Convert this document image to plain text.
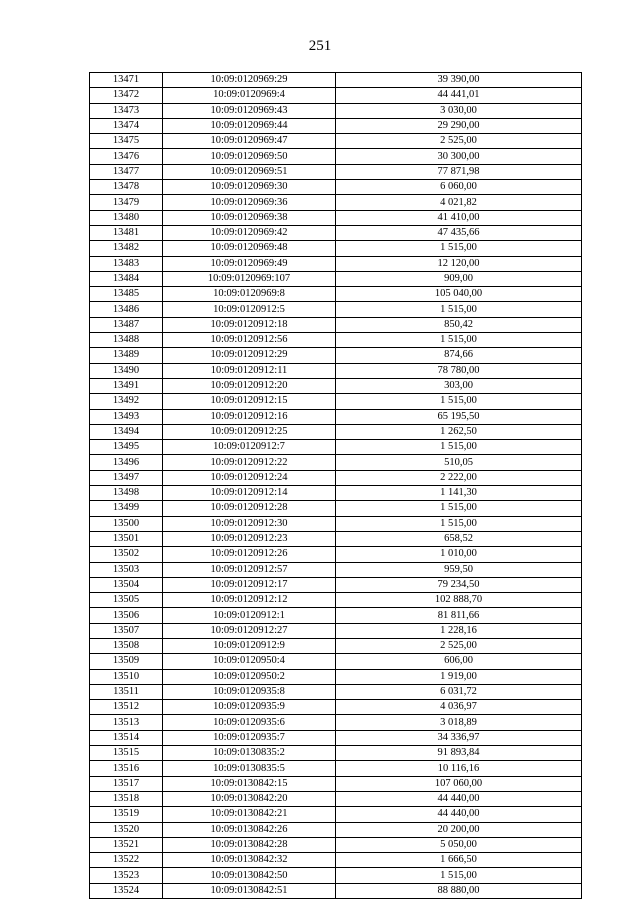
251
13471	10:09:0120969:29	39 390,00
13472	10:09:0120969:4	44 441,01
13473	10:09:0120969:43	3 030,00
13474	10:09:0120969:44	29 290,00
13475	10:09:0120969:47	2 525,00
13476	10:09:0120969:50	30 300,00
13477	10:09:0120969:51	77 871,98
13478	10:09:0120969:30	6 060,00
13479	10:09:0120969:36	4 021,82
13480	10:09:0120969:38	41 410,00
13481	10:09:0120969:42	47 435,66
13482	10:09:0120969:48	1 515,00
13483	10:09:0120969:49	12 120,00
13484	10:09:0120969:107	909,00
13485	10:09:0120969:8	105 040,00
13486	10:09:0120912:5	1 515,00
13487	10:09:0120912:18	850,42
13488	10:09:0120912:56	1 515,00
13489	10:09:0120912:29	874,66
13490	10:09:0120912:11	78 780,00
13491	10:09:0120912:20	303,00
13492	10:09:0120912:15	1 515,00
13493	10:09:0120912:16	65 195,50
13494	10:09:0120912:25	1 262,50
13495	10:09:0120912:7	1 515,00
13496	10:09:0120912:22	510,05
13497	10:09:0120912:24	2 222,00
13498	10:09:0120912:14	1 141,30
13499	10:09:0120912:28	1 515,00
13500	10:09:0120912:30	1 515,00
13501	10:09:0120912:23	658,52
13502	10:09:0120912:26	1 010,00
13503	10:09:0120912:57	959,50
13504	10:09:0120912:17	79 234,50
13505	10:09:0120912:12	102 888,70
13506	10:09:0120912:1	81 811,66
13507	10:09:0120912:27	1 228,16
13508	10:09:0120912:9	2 525,00
13509	10:09:0120950:4	606,00
13510	10:09:0120950:2	1 919,00
13511	10:09:0120935:8	6 031,72
13512	10:09:0120935:9	4 036,97
13513	10:09:0120935:6	3 018,89
13514	10:09:0120935:7	34 336,97
13515	10:09:0130835:2	91 893,84
13516	10:09:0130835:5	10 116,16
13517	10:09:0130842:15	107 060,00
13518	10:09:0130842:20	44 440,00
13519	10:09:0130842:21	44 440,00
13520	10:09:0130842:26	20 200,00
13521	10:09:0130842:28	5 050,00
13522	10:09:0130842:32	1 666,50
13523	10:09:0130842:50	1 515,00
13524	10:09:0130842:51	88 880,00
